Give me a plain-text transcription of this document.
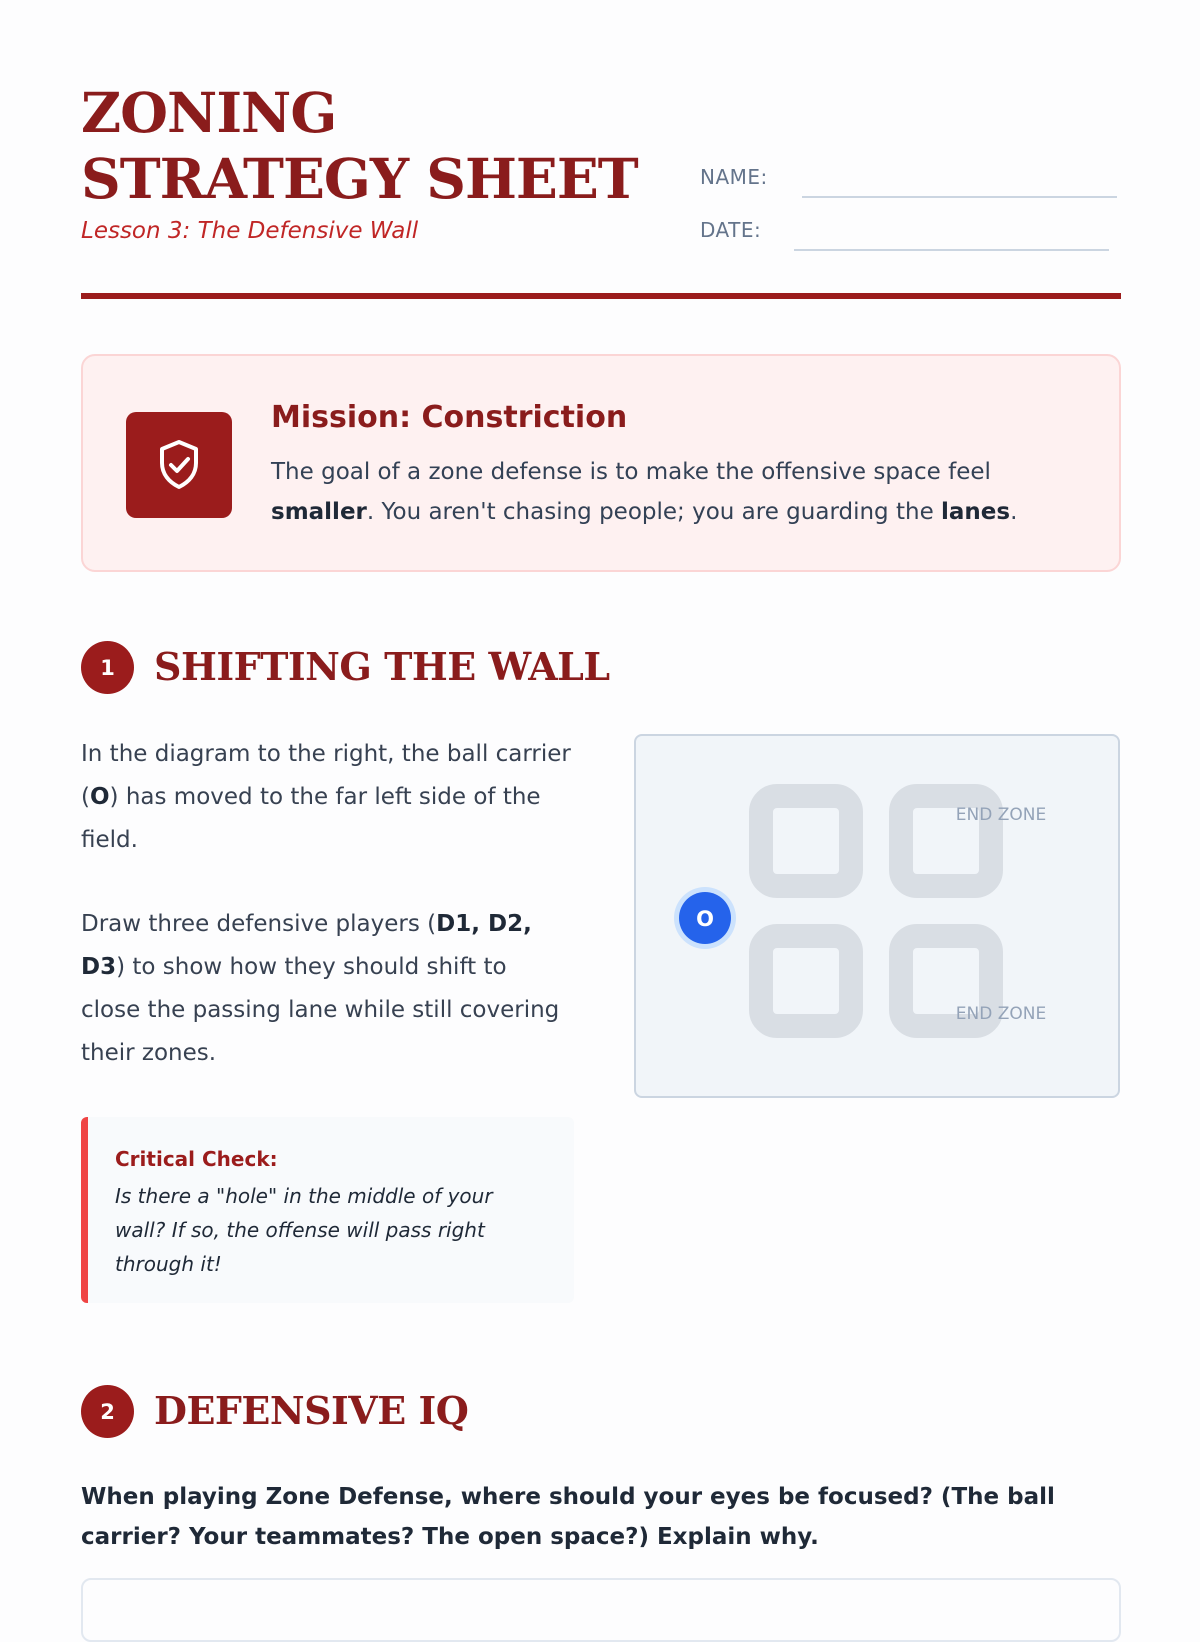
ZONING STRATEGY SHEET
Lesson 3: The Defensive Wall
NAME:
DATE:
Mission: Constriction
The goal of a zone defense is to make the offensive space feel smaller. You aren't chasing people; you are guarding the lanes.
1	SHIFTING THE WALL
In the diagram to the right, the ball carrier (O) has moved to the far left side of the field.
Draw three defensive players (D1, D2, D3) to show how they should shift to close the passing lane while still covering their zones.
END ZONE
END ZONE
O
Critical Check:
Is there a "hole" in the middle of your wall? If so, the offense will pass right through it!
2	DEFENSIVE IQ
When playing Zone Defense, where should your eyes be focused? (The ball carrier? Your teammates? The open space?) Explain why.
